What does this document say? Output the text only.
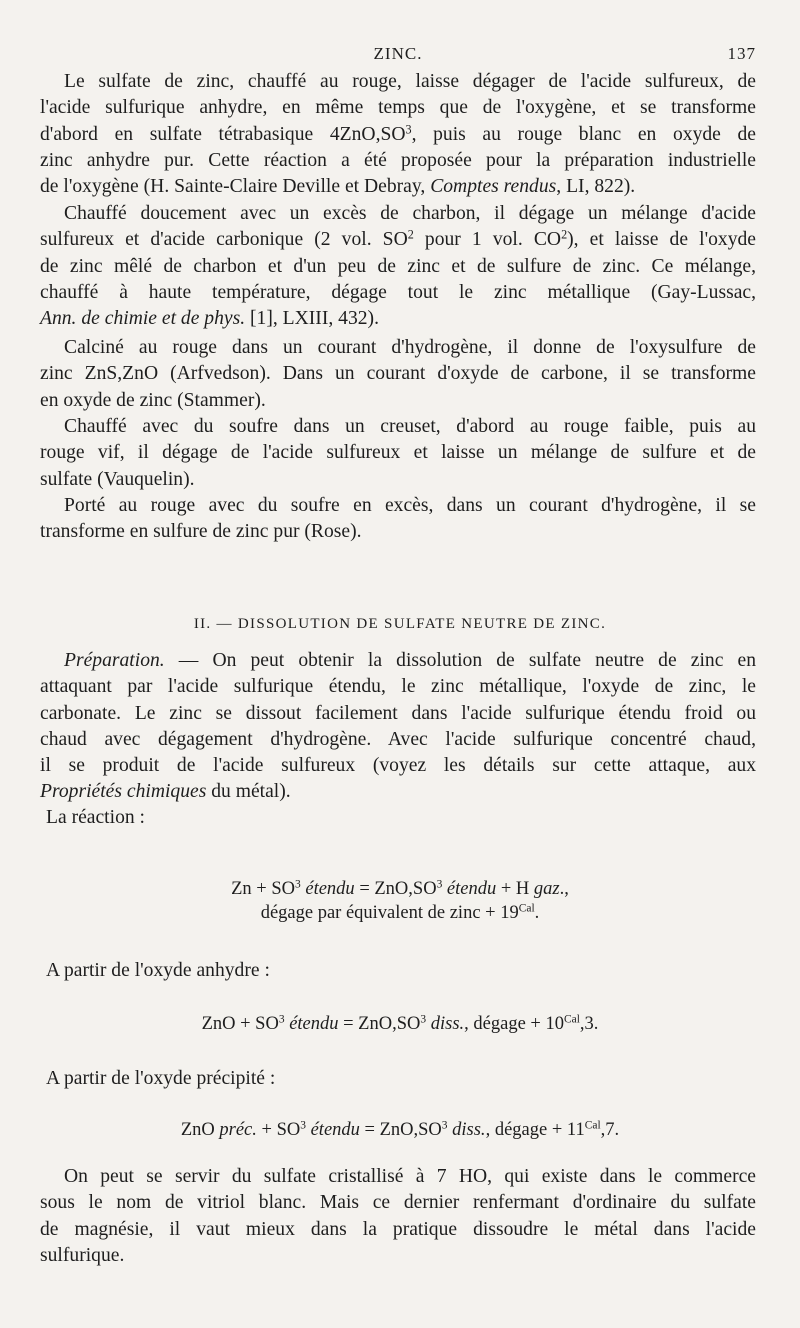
ZINC.	137
Le sulfate de zinc, chauffé au rouge, laisse dégager de l'acide sulfureux, de
l'acide sulfurique anhydre, en même temps que de l'oxygène, et se transforme
d'abord en sulfate tétrabasique $4ZnO,SO^3$, puis au rouge blanc en oxyde de
zinc anhydre pur. Cette réaction a été proposée pour la préparation industrielle
de l'oxygène (H. Sainte-Claire Deville et Debray, Comptes rendus, LI, 822).
Chauffé doucement avec un excès de charbon, il dégage un mélange d'acide
sulfureux et d'acide carbonique (2 vol. $SO^2$ pour 1 vol. $CO^2$), et laisse de l'oxyde
de zinc mêlé de charbon et d'un peu de zinc et de sulfure de zinc. Ce mélange,
chauffé à haute température, dégage tout le zinc métallique (Gay-Lussac,
Ann. de chimie et de phys. [1], LXIII, 432).
Calciné au rouge dans un courant d'hydrogène, il donne de l'oxysulfure de
zinc ZnS,ZnO (Arfvedson). Dans un courant d'oxyde de carbone, il se transforme
en oxyde de zinc (Stammer).
Chauffé avec du soufre dans un creuset, d'abord au rouge faible, puis au
rouge vif, il dégage de l'acide sulfureux et laisse un mélange de sulfure et de
sulfate (Vauquelin).
Porté au rouge avec du soufre en excès, dans un courant d'hydrogène, il se
transforme en sulfure de zinc pur (Rose).
II. — DISSOLUTION DE SULFATE NEUTRE DE ZINC.
Préparation. — On peut obtenir la dissolution de sulfate neutre de zinc en
attaquant par l'acide sulfurique étendu, le zinc métallique, l'oxyde de zinc, le
carbonate. Le zinc se dissout facilement dans l'acide sulfurique étendu froid ou
chaud avec dégagement d'hydrogène. Avec l'acide sulfurique concentré chaud,
il se produit de l'acide sulfureux (voyez les détails sur cette attaque, aux
Propriétés chimiques du métal).
La réaction :
$Zn + SO^3$ étendu = $ZnO,SO^3$ étendu + H gaz.,
dégage par équivalent de zinc + $19^{Cal}$.
A partir de l'oxyde anhydre :
ZnO + $SO^3$ étendu = $ZnO,SO^3$ diss., dégage + $10^{Cal},3$.
A partir de l'oxyde précipité :
ZnO préc. + $SO^3$ étendu = $ZnO,SO^3$ diss., dégage + $11^{Cal},7$.
On peut se servir du sulfate cristallisé à 7 HO, qui existe dans le commerce
sous le nom de vitriol blanc. Mais ce dernier renfermant d'ordinaire du sulfate
de magnésie, il vaut mieux dans la pratique dissoudre le métal dans l'acide
sulfurique.
